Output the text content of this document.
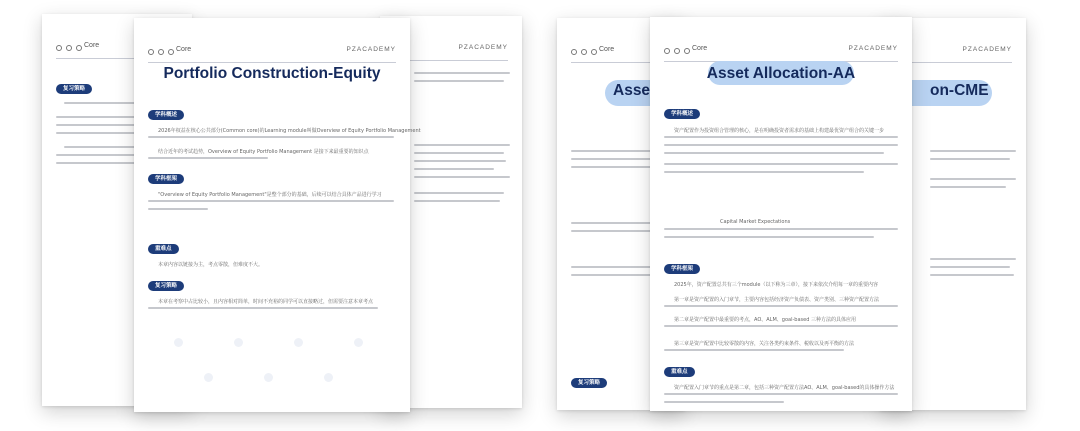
Core
复习策略
PZACADEMY
Core	PZACADEMY
Portfolio Construction-Equity
学科概述
2026年权益在核心公共部分(Common core)的Learning module叫做Overview of Equity Portfolio Management
结合近年的考试趋势，Overview of Equity Portfolio Management 是接下来最重要的知识点
学科框架
"Overview of Equity Portfolio Management"是整个部分的基础，后续可以结合具体产品进行学习
重难点
本章内容以链接为主，考点零散，但难度不大。
复习策略
本章在考察中占比较小，且内容相对简单，时间不充裕的同学可以直接略过，但需要注意本章考点
Core
Asse
复习策略
PZACADEMY
on-CME
Core	PZACADEMY
Asset Allocation-AA
学科概述
资产配置作为投资组合管理的核心，是在明确投资者需求的基础上构建最优资产组合的关键一步
Capital Market Expectations
学科框架
2025年，资产配置总共有三个module（以下称为三章），接下来依次介绍每一章的重要内容
第一章是资产配置的入门章节，主要内容包括经济资产负债表、资产类别、三种资产配置方法
第二章是资产配置中最重要的考点，AO、ALM、goal-based 三种方法的具体应用
第三章是资产配置中比较零散的内容，关注各类约束条件、税收以及再平衡的方法
重难点
资产配置入门章节的重点是第二章，包括三种资产配置方法AO、ALM、goal-based的具体操作方法
